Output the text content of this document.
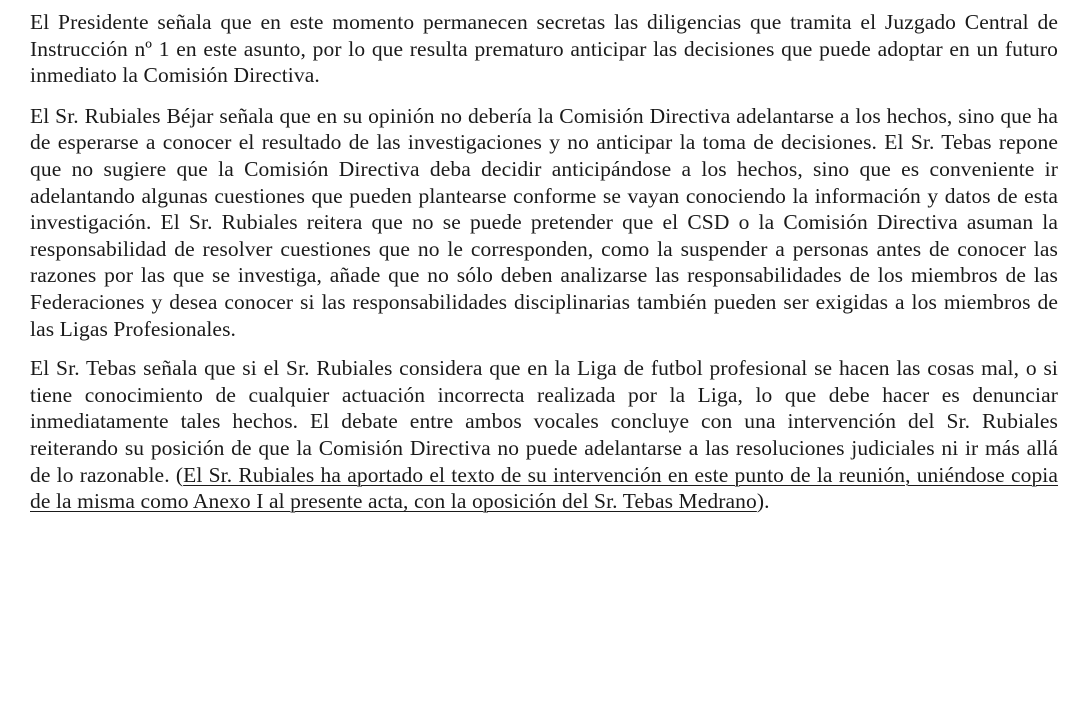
El Presidente señala que en este momento permanecen secretas las diligencias que tramita el Juzgado Central de Instrucción nº 1 en este asunto, por lo que resulta prematuro anticipar las decisiones que puede adoptar en un futuro inmediato la Comisión Directiva.

El Sr. Rubiales Béjar señala que en su opinión no debería la Comisión Directiva adelantarse a los hechos, sino que ha de esperarse a conocer el resultado de las investigaciones y no anticipar la toma de decisiones. El Sr. Tebas repone que no sugiere que la Comisión Directiva deba decidir anticipándose a los hechos, sino que es conveniente ir adelantando algunas cuestiones que pueden plantearse conforme se vayan conociendo la información y datos de esta investigación. El Sr. Rubiales reitera que no se puede pretender que el CSD o la Comisión Directiva asuman la responsabilidad de resolver cuestiones que no le corresponden, como la suspender a personas antes de conocer las razones por las que se investiga, añade que no sólo deben analizarse las responsabilidades de los miembros de las Federaciones y desea conocer si las responsabilidades disciplinarias también pueden ser exigidas a los miembros de las Ligas Profesionales.

El Sr. Tebas señala que si el Sr. Rubiales considera que en la Liga de futbol profesional se hacen las cosas mal, o si tiene conocimiento de cualquier actuación incorrecta realizada por la Liga, lo que debe hacer es denunciar inmediatamente tales hechos. El debate entre ambos vocales concluye con una intervención del Sr. Rubiales reiterando su posición de que la Comisión Directiva no puede adelantarse a las resoluciones judiciales ni ir más allá de lo razonable. (El Sr. Rubiales ha aportado el texto de su intervención en este punto de la reunión, uniéndose copia de la misma como Anexo I al presente acta, con la oposición del Sr. Tebas Medrano).
